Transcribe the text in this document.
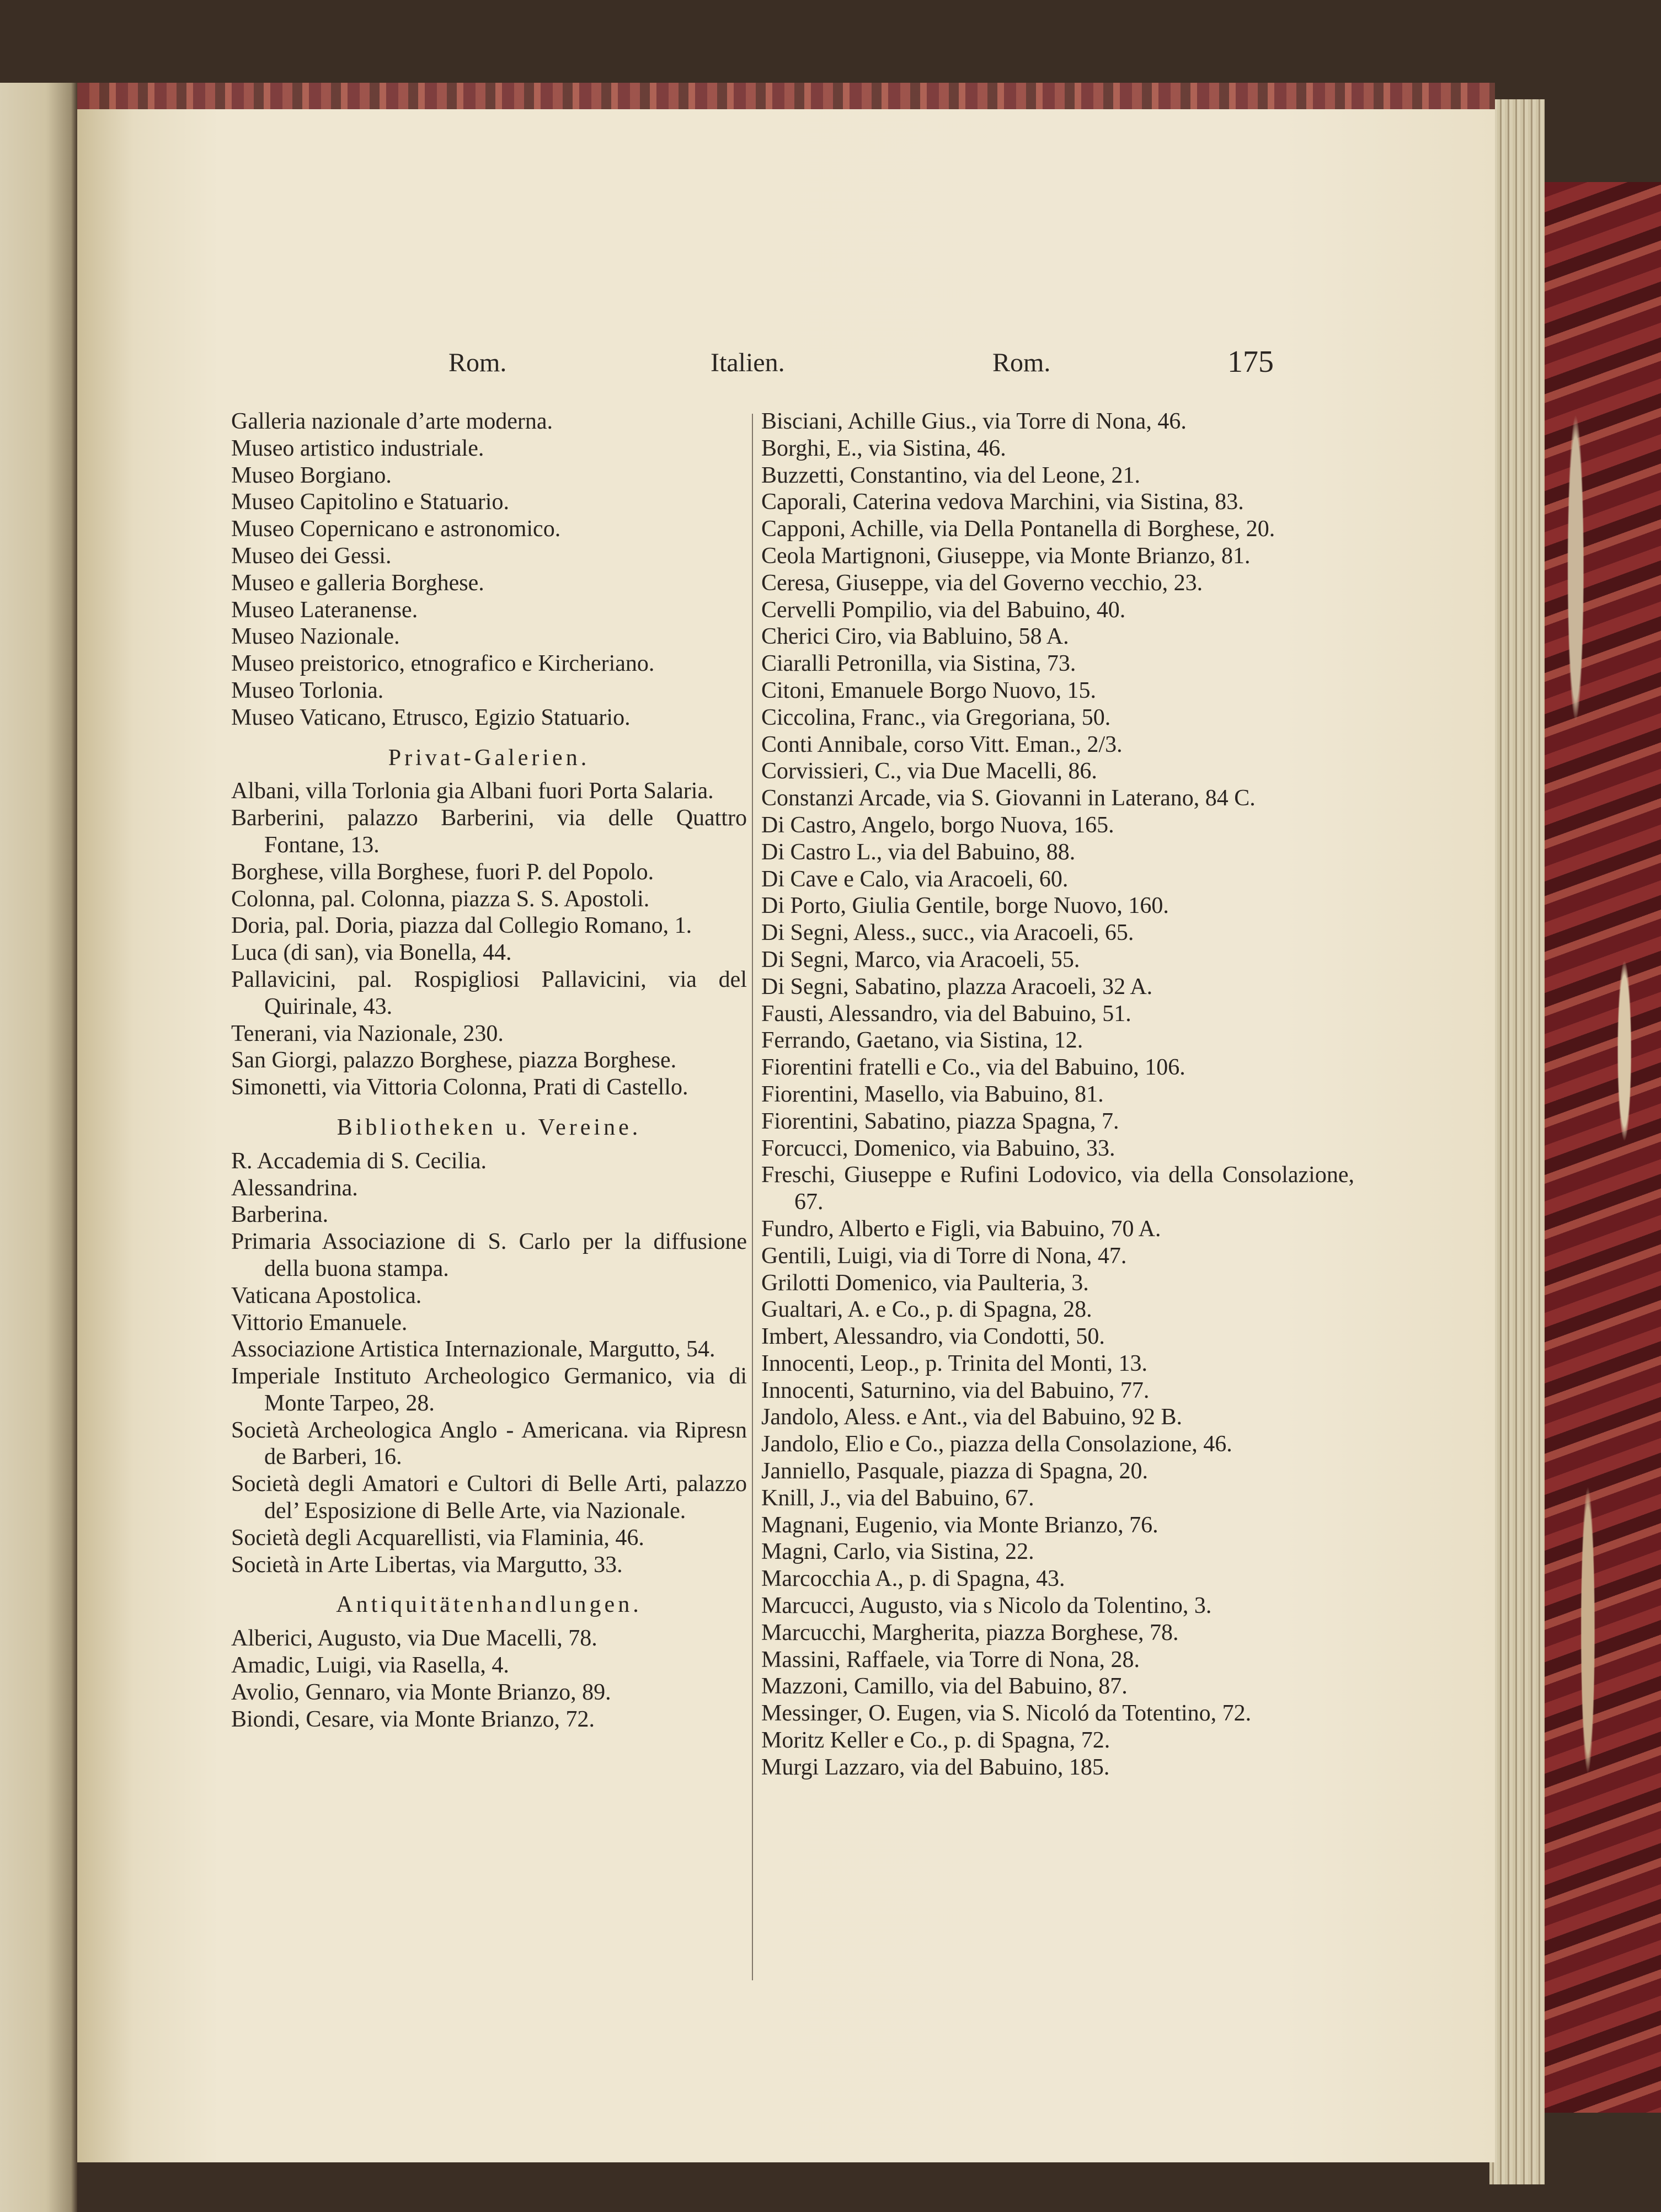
Rom.	Italien.	Rom.	175
Galleria nazionale d’arte moderna.
Museo artistico industriale.
Museo Borgiano.
Museo Capitolino e Statuario.
Museo Copernicano e astronomico.
Museo dei Gessi.
Museo e galleria Borghese.
Museo Lateranense.
Museo Nazionale.
Museo preistorico, etnografico e Kircheriano.
Museo Torlonia.
Museo Vaticano, Etrusco, Egizio Statuario.
Privat-Galerien.
Albani, villa Torlonia gia Albani fuori Porta Salaria.
Barberini, palazzo Barberini, via delle Quattro Fontane, 13.
Borghese, villa Borghese, fuori P. del Popolo.
Colonna, pal. Colonna, piazza S. S. Apostoli.
Doria, pal. Doria, piazza dal Collegio Romano, 1.
Luca (di san), via Bonella, 44.
Pallavicini, pal. Rospigliosi Pallavicini, via del Quirinale, 43.
Tenerani, via Nazionale, 230.
San Giorgi, palazzo Borghese, piazza Borghese.
Simonetti, via Vittoria Colonna, Prati di Castello.
Bibliotheken u. Vereine.
R. Accademia di S. Cecilia.
Alessandrina.
Barberina.
Primaria Associazione di S. Carlo per la diffusione della buona stampa.
Vaticana Apostolica.
Vittorio Emanuele.
Associazione Artistica Internazionale, Margutto, 54.
Imperiale Instituto Archeologico Germanico, via di Monte Tarpeo, 28.
Società Archeologica Anglo - Americana. via Ripresn de Barberi, 16.
Società degli Amatori e Cultori di Belle Arti, palazzo del’ Esposizione di Belle Arte, via Nazionale.
Società degli Acquarellisti, via Flaminia, 46.
Società in Arte Libertas, via Margutto, 33.
Antiquitätenhandlungen.
Alberici, Augusto, via Due Macelli, 78.
Amadic, Luigi, via Rasella, 4.
Avolio, Gennaro, via Monte Brianzo, 89.
Biondi, Cesare, via Monte Brianzo, 72.
Bisciani, Achille Gius., via Torre di Nona, 46.
Borghi, E., via Sistina, 46.
Buzzetti, Constantino, via del Leone, 21.
Caporali, Caterina vedova Marchini, via Sistina, 83.
Capponi, Achille, via Della Pontanella di Borghese, 20.
Ceola Martignoni, Giuseppe, via Monte Brianzo, 81.
Ceresa, Giuseppe, via del Governo vecchio, 23.
Cervelli Pompilio, via del Babuino, 40.
Cherici Ciro, via Babluino, 58 A.
Ciaralli Petronilla, via Sistina, 73.
Citoni, Emanuele Borgo Nuovo, 15.
Ciccolina, Franc., via Gregoriana, 50.
Conti Annibale, corso Vitt. Eman., 2/3.
Corvissieri, C., via Due Macelli, 86.
Constanzi Arcade, via S. Giovanni in Laterano, 84 C.
Di Castro, Angelo, borgo Nuova, 165.
Di Castro L., via del Babuino, 88.
Di Cave e Calo, via Aracoeli, 60.
Di Porto, Giulia Gentile, borge Nuovo, 160.
Di Segni, Aless., succ., via Aracoeli, 65.
Di Segni, Marco, via Aracoeli, 55.
Di Segni, Sabatino, plazza Aracoeli, 32 A.
Fausti, Alessandro, via del Babuino, 51.
Ferrando, Gaetano, via Sistina, 12.
Fiorentini fratelli e Co., via del Babuino, 106.
Fiorentini, Masello, via Babuino, 81.
Fiorentini, Sabatino, piazza Spagna, 7.
Forcucci, Domenico, via Babuino, 33.
Freschi, Giuseppe e Rufini Lodovico, via della Consolazione, 67.
Fundro, Alberto e Figli, via Babuino, 70 A.
Gentili, Luigi, via di Torre di Nona, 47.
Grilotti Domenico, via Paulteria, 3.
Gualtari, A. e Co., p. di Spagna, 28.
Imbert, Alessandro, via Condotti, 50.
Innocenti, Leop., p. Trinita del Monti, 13.
Innocenti, Saturnino, via del Babuino, 77.
Jandolo, Aless. e Ant., via del Babuino, 92 B.
Jandolo, Elio e Co., piazza della Consolazione, 46.
Janniello, Pasquale, piazza di Spagna, 20.
Knill, J., via del Babuino, 67.
Magnani, Eugenio, via Monte Brianzo, 76.
Magni, Carlo, via Sistina, 22.
Marcocchia A., p. di Spagna, 43.
Marcucci, Augusto, via s Nicolo da Tolentino, 3.
Marcucchi, Margherita, piazza Borghese, 78.
Massini, Raffaele, via Torre di Nona, 28.
Mazzoni, Camillo, via del Babuino, 87.
Messinger, O. Eugen, via S. Nicoló da Totentino, 72.
Moritz Keller e Co., p. di Spagna, 72.
Murgi Lazzaro, via del Babuino, 185.
